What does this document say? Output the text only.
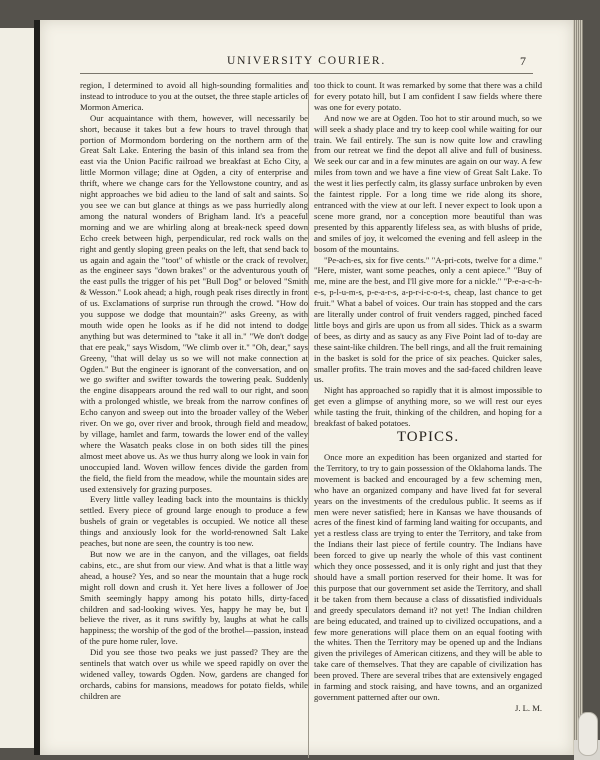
UNIVERSITY COURIER.	7

region, I determined to avoid all high-sounding formalities and instead to introduce to you at the outset, the three staple articles of Mormon America.

Our acquaintance with them, however, will necessarily be short, because it takes but a few hours to travel through that portion of Mormondom bordering on the northern arm of the Great Salt Lake. Entering the basin of this inland sea from the east via the Union Pacific railroad we breakfast at Echo City, a little Mormon village; dine at Ogden, a city of enterprise and thrift, where we change cars for the Yellowstone country, and as night approaches we bid adieu to the land of salt and saints. So you see we can but glance at things as we pass hurriedly along among the natural wonders of Brigham land. It's a peaceful morning and we are whirling along at break-neck speed down Echo creek between high, perpendicular, red rock walls on the right and gently sloping green peaks on the left, that send back to us again and again the "toot" of whistle or the crack of revolver, as the engineer says "down brakes" or the adventurous youth of the east pulls the trigger of his pet "Bull Dog" or beloved "Smith & Wesson." Look ahead; a high, rough peak rises directly in front of us. Exclamations of surprise run through the crowd. "How do you suppose we dodge that mountain?" asks Greeny, as with mouth wide open he looks as if he did not intend to dodge anything but was determined to "take it all in." "We don't dodge that ere peak," says Wisdom, "We climb over it." "Oh, dear," says Greeny, "that will delay us so we will not make connection at Ogden." But the engineer is ignorant of the conversation, and on we go swifter and swifter towards the towering peak. Suddenly the engine disappears around the red wall to our right, and soon with a prolonged whistle, we break from the narrow confines of Echo canyon and sweep out into the broader valley of the Weber river. On we go, over river and brook, through field and meadow, by village, hamlet and farm, towards the lower end of the valley where the Wasatch peaks close in on both sides till the pines almost meet above us. As we thus hurry along we look in vain for unoccupied land. Woven willow fences divide the garden from the field, the field from the meadow, while the mountain sides are used extensively for grazing purposes.

Every little valley leading back into the mountains is thickly settled. Every piece of ground large enough to produce a few bushels of grain or vegetables is occupied. We notice all these things and anxiously look for the world-renowned Salt Lake peaches, but none are seen, the country is too new.

But now we are in the canyon, and the villages, oat fields cabins, etc., are shut from our view. And what is that a little way ahead, a house? Yes, and so near the mountain that a huge rock might roll down and crush it. Yet here lives a follower of Joe Smith seemingly happy among his potato hills, dirty-faced children and sad-looking wives. Yes, happy he may be, but I believe the river, as it runs swiftly by, laughs at what he calls happiness; the worship of the god of the brothel—passion, instead of the pure home ruler, love.

Did you see those two peaks we just passed? They are the sentinels that watch over us while we speed rapidly on over the widened valley, towards Ogden. Now, gardens are changed for orchards, cabins for mansions, meadows for potato fields, while children are

too thick to count. It was remarked by some that there was a child for every potato hill, but I am confident I saw fields where there was one for every potato.

And now we are at Ogden. Too hot to stir around much, so we will seek a shady place and try to keep cool while waiting for our train. We fail entirely. The sun is now quite low and crawling from our retreat we find the depot all alive and full of business. We seek our car and in a few minutes are again on our way. A few miles from town and we have a fine view of Great Salt Lake. To the west it lies perfectly calm, its glassy surface unbroken by even the faintest ripple. For a long time we ride along its shore, entranced with the view at our left. I never expect to look upon a scene more grand, nor a conception more beautiful than was presented by this apparently lifeless sea, as with blushs of pride, and smiles of joy, it welcomed the evening and fell asleep in the bosom of the mountains.

"Pe-ach-es, six for five cents." "A-pri-cots, twelve for a dime." "Here, mister, want some peaches, only a cent apiece." "Buy of me, mine are the best, and I'll give more for a nickle." "P-e-a-c-h-e-s, p-l-u-m-s, p-e-a-r-s, a-p-r-i-c-o-t-s, cheap, last chance to get fruit." What a babel of voices. Our train has stopped and the cars are literally under control of fruit venders ragged, pinched faced little boys and girls are upon us from all sides. Thick as a swarm of bees, as dirty and as saucy as any Five Point lad of to-day are these saint-like children. The bell rings, and all the fruit remaining in the basket is sold for the price of six peaches. Quicker sales, smaller profits. The train moves and the sad-faced children leave us.

Night has approached so rapidly that it is almost impossible to get even a glimpse of anything more, so we will rest our eyes while tasting the fruit, thinking of the children, and hoping for a breakfast of baked potatoes.

TOPICS.

Once more an expedition has been organized and started for the Territory, to try to gain possession of the Oklahoma lands. The movement is backed and encouraged by a few scheming men, who have an organized company and have lived fat for several years on the investments of the credulous public. It seems as if men were never satisfied; here in Kansas we have thousands of acres of the finest kind of farming land waiting for occupants, and yet a restless class are trying to enter the Territory, and take from the Indians their last piece of fertile country. The Indians have been forced to give up nearly the whole of this vast continent which they once possessed, and it is only right and just that they should have a small portion reserved for their home. It was for this purpose that our government set aside the Territory, and shall it be taken from them because a class of dissatisfied individuals and greedy speculators demand it? not yet! The Indian children are being educated, and trained up to civilized occupations, and a few more generations will place them on an equal footing with the whites. Then the Territory may be opened up and the Indians given the privileges of American citizens, and they will be able to take care of themselves. That they are capable of civilization has been proved. There are several tribes that are extensively engaged in farming and stock raising, and have towns, and an organized government patterned after our own.

J. L. M.
